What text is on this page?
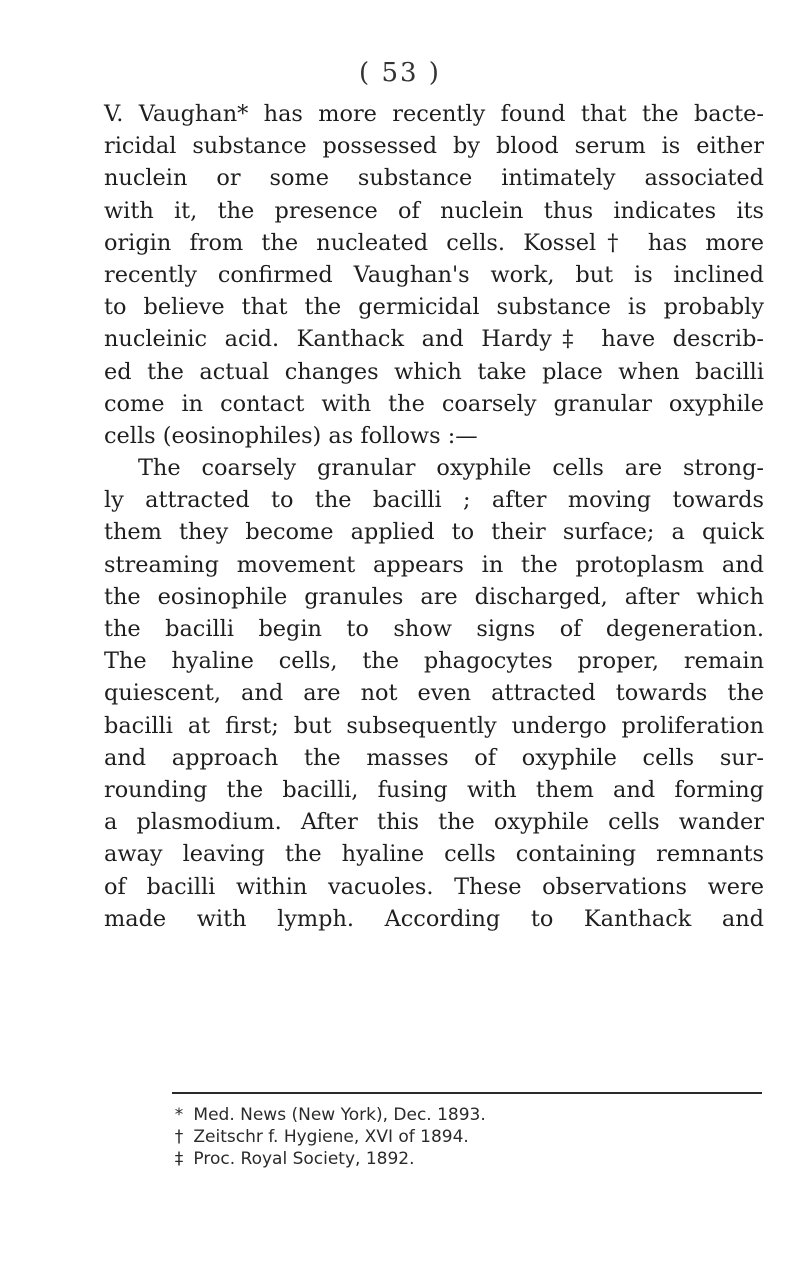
( 53 )
V. Vaughan* has more recently found that the bacte-
ricidal substance possessed by blood serum is either
nuclein or some substance intimately associated
with it, the presence of nuclein thus indicates its
origin from the nucleated cells. Kossel† has more
recently confirmed Vaughan's work, but is inclined
to believe that the germicidal substance is probably
nucleinic acid. Kanthack and Hardy‡ have describ-
ed the actual changes which take place when bacilli
come in contact with the coarsely granular oxyphile
cells (eosinophiles) as follows :—
The coarsely granular oxyphile cells are strong-
ly attracted to the bacilli ; after moving towards
them they become applied to their surface; a quick
streaming movement appears in the protoplasm and
the eosinophile granules are discharged, after which
the bacilli begin to show signs of degeneration.
The hyaline cells, the phagocytes proper, remain
quiescent, and are not even attracted towards the
bacilli at first; but subsequently undergo proliferation
and approach the masses of oxyphile cells sur-
rounding the bacilli, fusing with them and forming
a plasmodium. After this the oxyphile cells wander
away leaving the hyaline cells containing remnants
of bacilli within vacuoles. These observations were
made with lymph. According to Kanthack and
* Med. News (New York), Dec. 1893.
† Zeitschr f. Hygiene, XVI of 1894.
‡ Proc. Royal Society, 1892.
